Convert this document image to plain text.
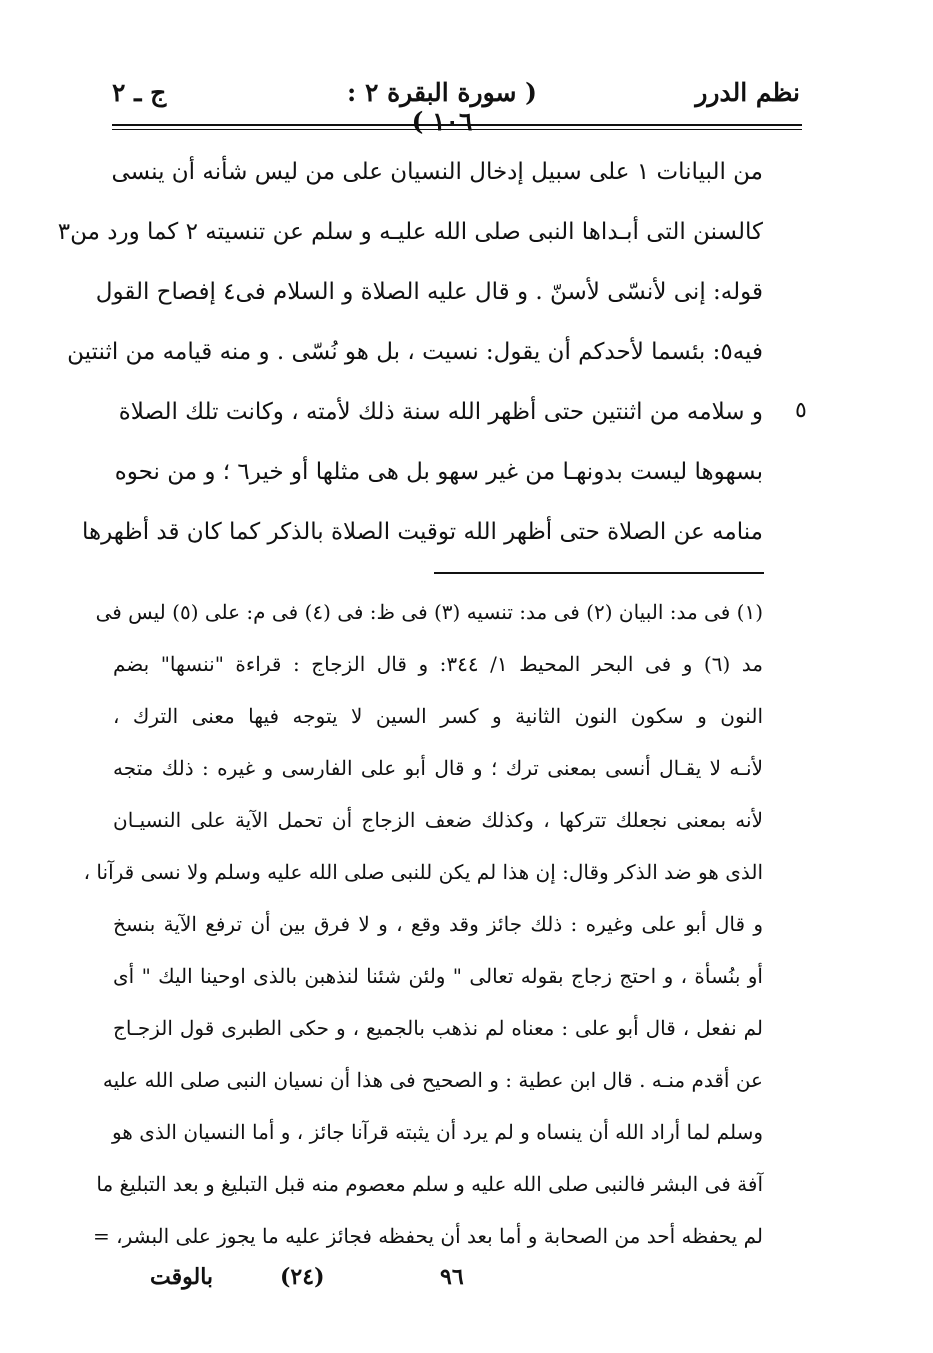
نظم الدرر
( سورة البقرة ٢ : ١٠٦ )
ج ـ ٢
٥
من البيانات ١ على سبيل إدخال النسيان على من ليس شأنه أن ينسى
كالسنن التى أبـداها النبى صلى الله عليـه و سلم عن تنسيته ٢ كما ورد من٣
قوله: إنى لأنسّى لأسنّ . و قال عليه الصلاة و السلام فى٤ إفصاح القول
فيه٥: بئسما لأحدكم أن يقول: نسيت ، بل هو نُسّى . و منه قيامه من اثنتين
و سلامه من اثنتين حتى أظهر الله سنة ذلك لأمته ، وكانت تلك الصلاة
بسهوها ليست بدونهـا من غير سهو بل هى مثلها أو خير٦ ؛ و من نحوه
منامه عن الصلاة حتى أظهر الله توقيت الصلاة بالذكر كما كان قد أظهرها
(١) فى مد: البيان (٢) فى مد: تنسيه (٣) فى ظ: فى (٤) فى م: على (٥) ليس فى
مد (٦) و فى البحر المحيط ١/ ٣٤٤: و قال الزجاج : قراءة "ننسها" بضم
النون و سكون النون الثانية و كسر السين لا يتوجه فيها معنى الترك ،
لأنـه لا يقـال أنسى بمعنى ترك ؛ و قال أبو على الفارسى و غيره : ذلك متجه
لأنه بمعنى نجعلك تتركها ، وكذلك ضعف الزجاج أن تحمل الآية على النسيـان
الذى هو ضد الذكر وقال: إن هذا لم يكن للنبى صلى الله عليه وسلم ولا نسى قرآنا ،
و قال أبو على وغيره : ذلك جائز وقد وقع ، و لا فرق بين أن ترفع الآية بنسخ
أو بنُسأة ، و احتج زجاج بقوله تعالى " ولئن شئنا لنذهبن بالذى اوحينا اليك " أى
لم نفعل ، قال أبو على : معناه لم نذهب بالجميع ، و حكى الطبرى قول الزجـاج
عن أقدم منـه . قال ابن عطية : و الصحيح فى هذا أن نسيان النبى صلى الله عليه
وسلم لما أراد الله أن ينساه و لم يرد أن يثبته قرآنا جائز ، و أما النسيان الذى هو
آفة فى البشر فالنبى صلى الله عليه و سلم معصوم منه قبل التبليغ و بعد التبليغ ما
لم يحفظه أحد من الصحابة و أما بعد أن يحفظه فجائز عليه ما يجوز على البشر، =
٩٦
(٢٤)
بالوقت
